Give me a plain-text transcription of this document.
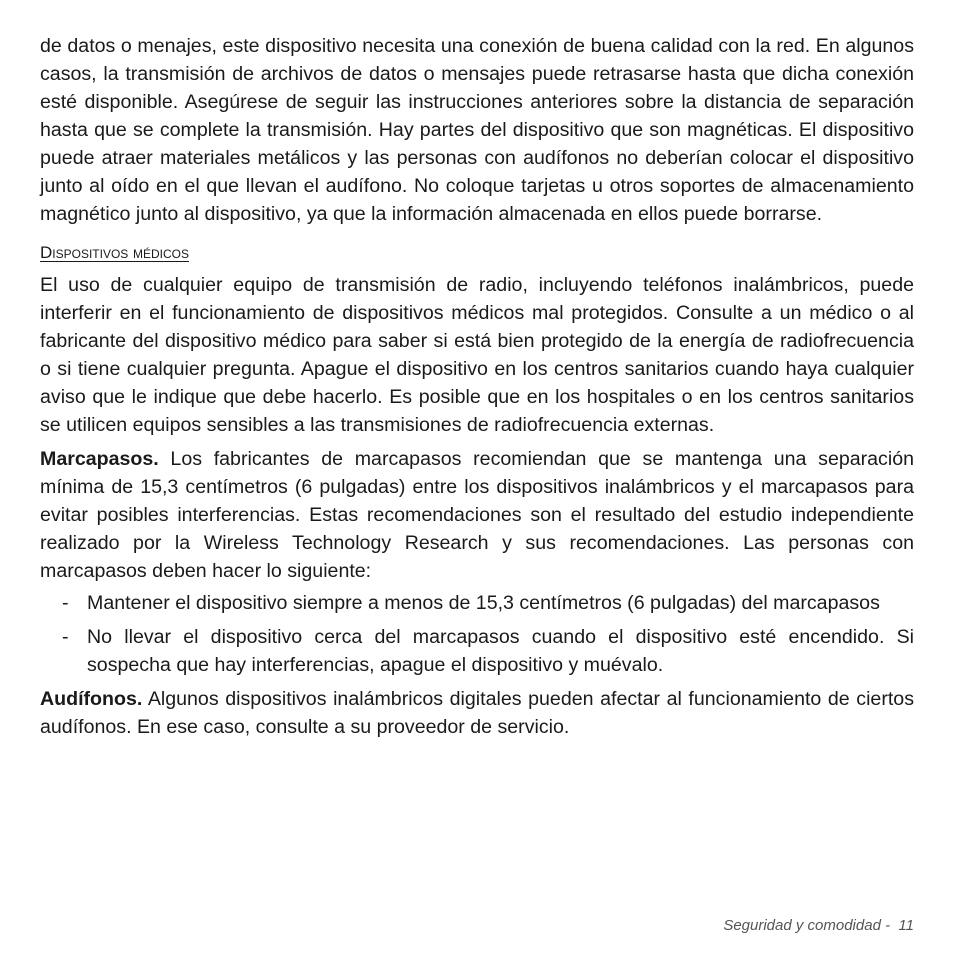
de datos o menajes, este dispositivo necesita una conexión de buena calidad con la red. En algunos casos, la transmisión de archivos de datos o mensajes puede retrasarse hasta que dicha conexión esté disponible. Asegúrese de seguir las instrucciones anteriores sobre la distancia de separación hasta que se complete la transmisión. Hay partes del dispositivo que son magnéticas. El dispositivo puede atraer materiales metálicos y las personas con audífonos no deberían colocar el dispositivo junto al oído en el que llevan el audífono. No coloque tarjetas u otros soportes de almacenamiento magnético junto al dispositivo, ya que la información almacenada en ellos puede borrarse.

Dispositivos médicos

El uso de cualquier equipo de transmisión de radio, incluyendo teléfonos inalámbricos, puede interferir en el funcionamiento de dispositivos médicos mal protegidos. Consulte a un médico o al fabricante del dispositivo médico para saber si está bien protegido de la energía de radiofrecuencia o si tiene cualquier pregunta. Apague el dispositivo en los centros sanitarios cuando haya cualquier aviso que le indique que debe hacerlo. Es posible que en los hospitales o en los centros sanitarios se utilicen equipos sensibles a las transmisiones de radiofrecuencia externas.

Marcapasos. Los fabricantes de marcapasos recomiendan que se mantenga una separación mínima de 15,3 centímetros (6 pulgadas) entre los dispositivos inalámbricos y el marcapasos para evitar posibles interferencias. Estas recomendaciones son el resultado del estudio independiente realizado por la Wireless Technology Research y sus recomendaciones. Las personas con marcapasos deben hacer lo siguiente:

- Mantener el dispositivo siempre a menos de 15,3 centímetros (6 pulgadas) del marcapasos
- No llevar el dispositivo cerca del marcapasos cuando el dispositivo esté encendido. Si sospecha que hay interferencias, apague el dispositivo y muévalo.

Audífonos. Algunos dispositivos inalámbricos digitales pueden afectar al funcionamiento de ciertos audífonos. En ese caso, consulte a su proveedor de servicio.

Seguridad y comodidad - 11
